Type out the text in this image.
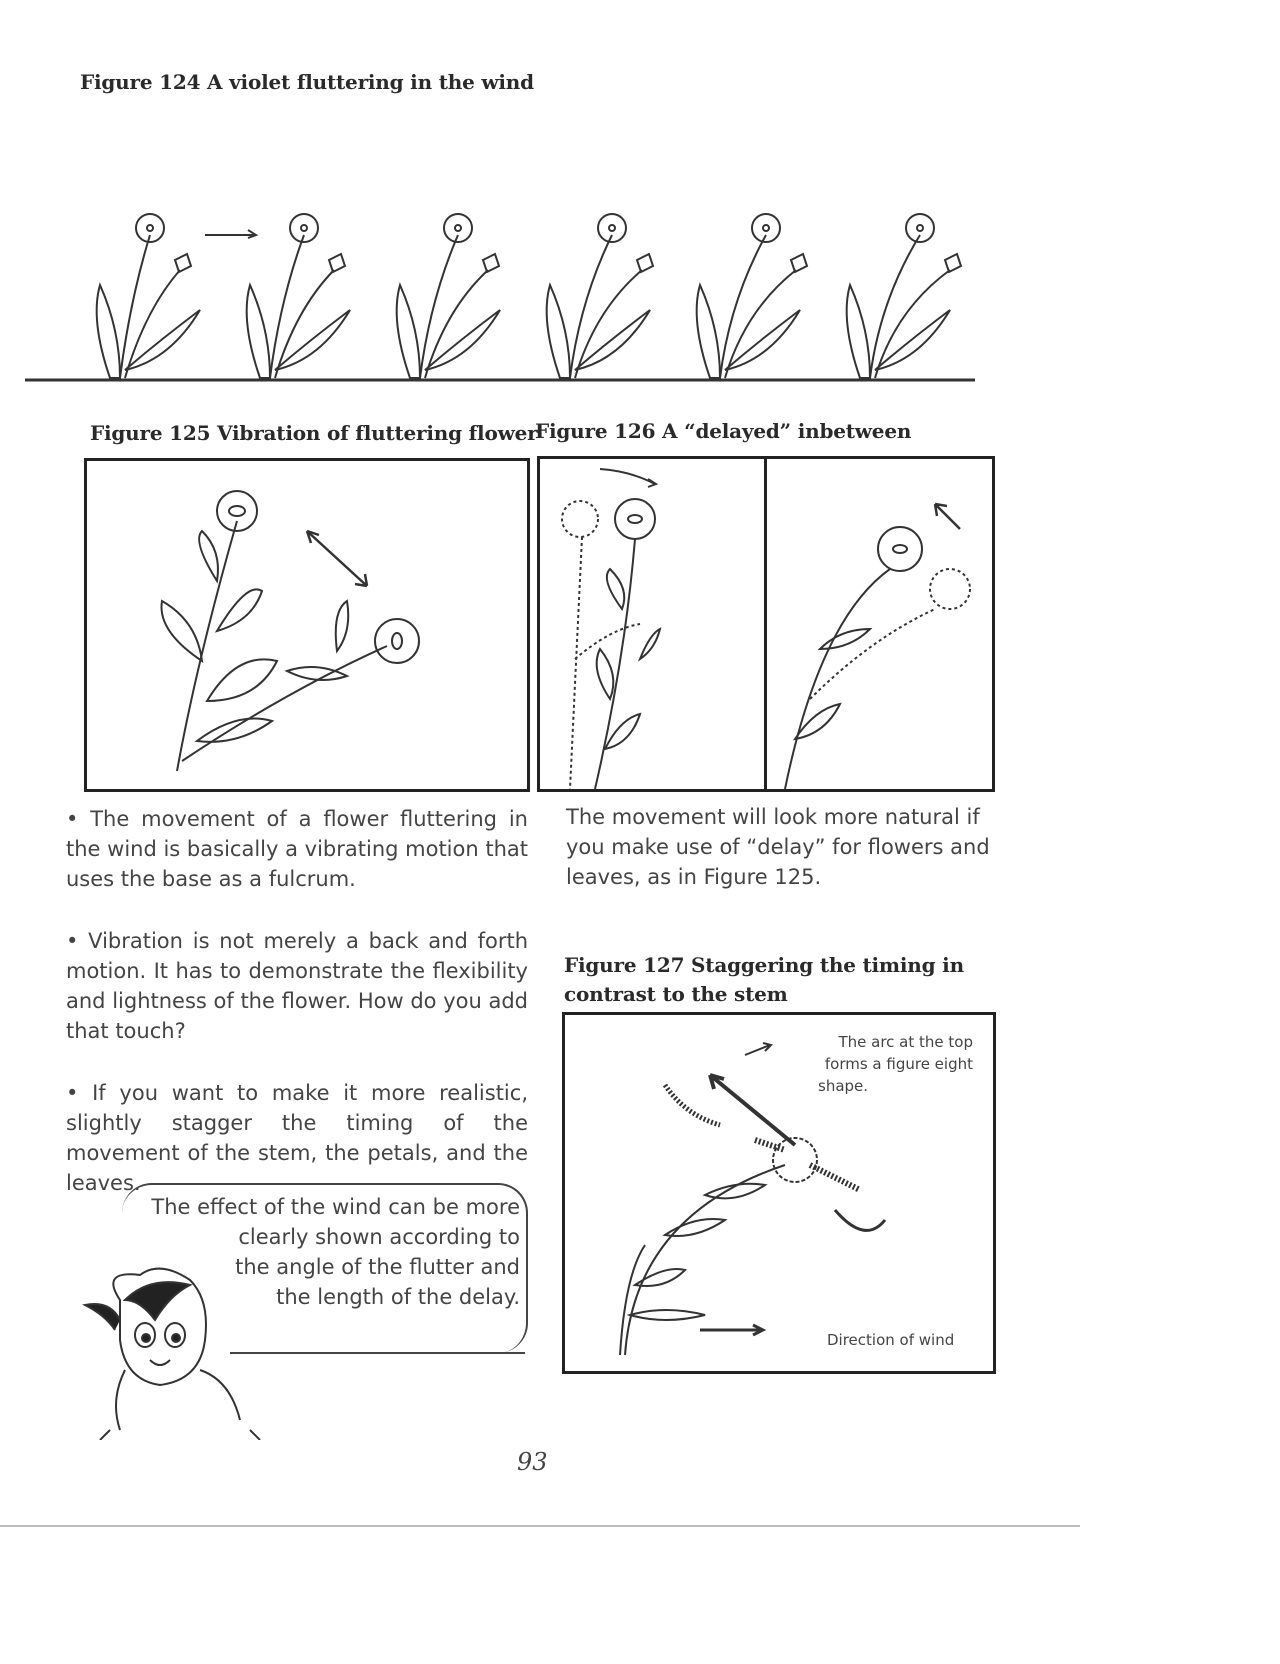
Figure 124 A violet fluttering in the wind
Figure 125 Vibration of fluttering flower
Figure 126 A “delayed” inbetween
• The movement of a flower fluttering in the wind is basically a vibrating motion that uses the base as a fulcrum.
• Vibration is not merely a back and forth motion. It has to demonstrate the flexibility and lightness of the flower. How do you add that touch?
• If you want to make it more realistic, slightly stagger the timing of the movement of the stem, the petals, and the leaves.
The movement will look more natural if you make use of “delay” for flowers and leaves, as in Figure 125.
Figure 127 Staggering the timing in
contrast to the stem
The arc at the top
forms a figure eight
shape.
Direction of wind
The effect of the wind can be more
clearly shown according to
the angle of the flutter and
the length of the delay.
93
